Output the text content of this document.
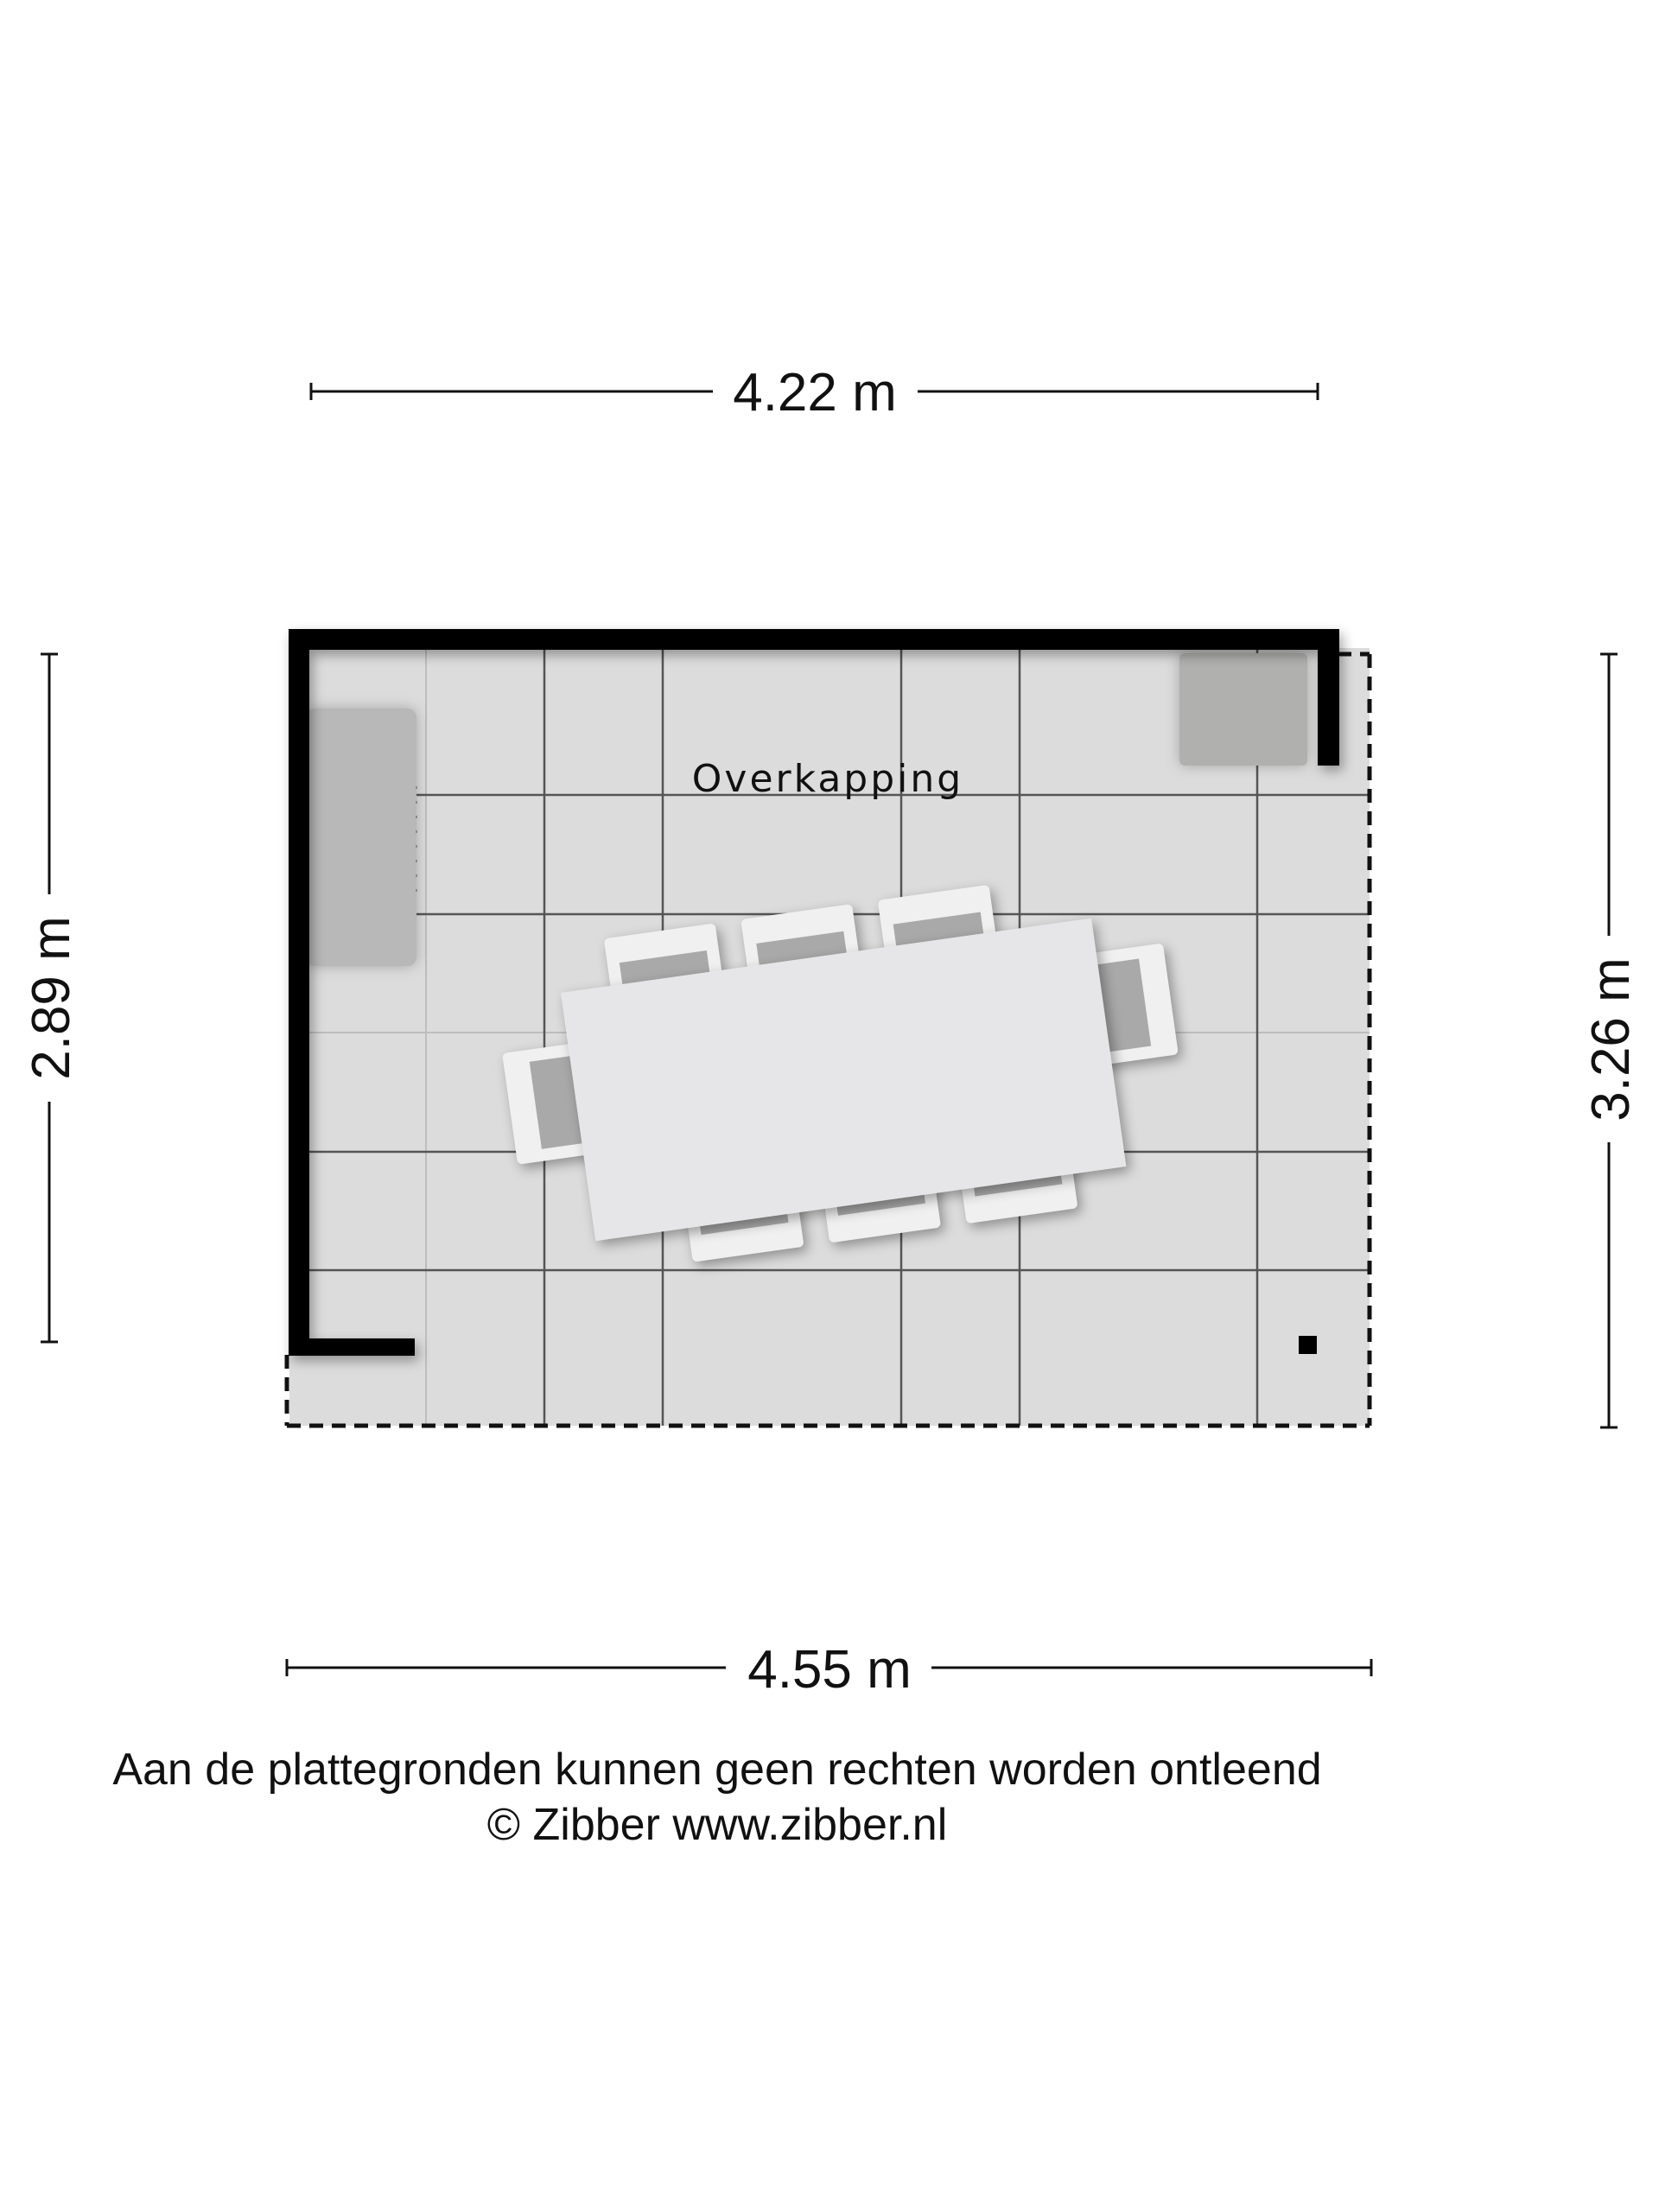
Overkapping
4.22 m
4.55 m
2.89 m	3.26 m
Aan de plattegronden kunnen geen rechten worden ontleend
© Zibber www.zibber.nl
